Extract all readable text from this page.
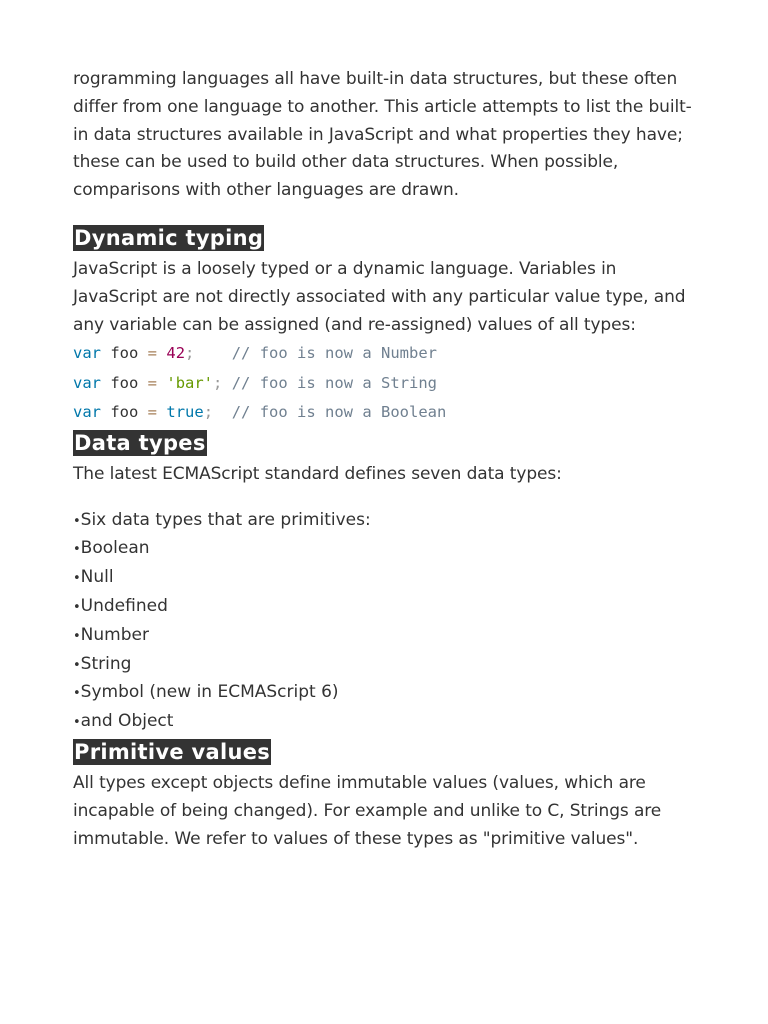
rogramming languages all have built-in data structures, but these often differ from one language to another. This article attempts to list the built-in data structures available in JavaScript and what properties they have; these can be used to build other data structures. When possible, comparisons with other languages are drawn.

Dynamic typing

JavaScript is a loosely typed or a dynamic language. Variables in JavaScript are not directly associated with any particular value type, and any variable can be assigned (and re-assigned) values of all types:

var foo = 42; // foo is now a Number
var foo = 'bar'; // foo is now a String
var foo = true; // foo is now a Boolean
Data types

The latest ECMAScript standard defines seven data types:

•Six data types that are primitives:
•Boolean
•Null
•Undefined
•Number
•String
•Symbol (new in ECMAScript 6)
•and Object
Primitive values

All types except objects define immutable values (values, which are incapable of being changed). For example and unlike to C, Strings are immutable. We refer to values of these types as "primitive values".
